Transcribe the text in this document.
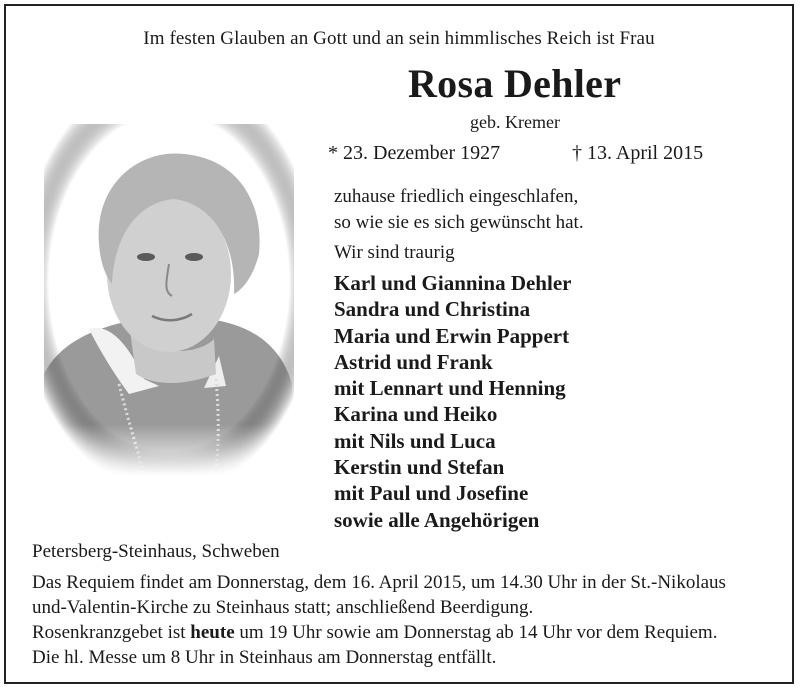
Im festen Glauben an Gott und an sein himmlisches Reich ist Frau
Rosa Dehler
geb. Kremer
* 23. Dezember 1927	† 13. April 2015
zuhause friedlich eingeschlafen,
so wie sie es sich gewünscht hat.
Wir sind traurig
Karl und Giannina Dehler
Sandra und Christina
Maria und Erwin Pappert
Astrid und Frank
mit Lennart und Henning
Karina und Heiko
mit Nils und Luca
Kerstin und Stefan
mit Paul und Josefine
sowie alle Angehörigen
Petersberg-Steinhaus, Schweben

Das Requiem findet am Donnerstag, dem 16. April 2015, um 14.30 Uhr in der St.-Nikolaus

und-Valentin-Kirche zu Steinhaus statt; anschließend Beerdigung.

Rosenkranzgebet ist heute um 19 Uhr sowie am Donnerstag ab 14 Uhr vor dem Requiem.

Die hl. Messe um 8 Uhr in Steinhaus am Donnerstag entfällt.
